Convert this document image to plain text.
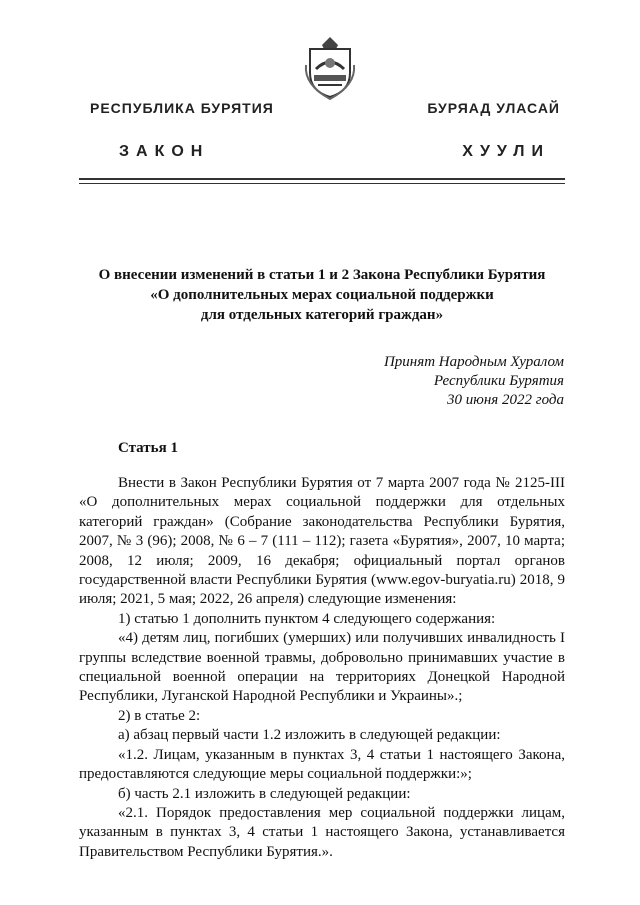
РЕСПУБЛИКА БУРЯТИЯ	БУРЯАД УЛАСАЙ
ЗАКОН	ХУУЛИ
О внесении изменений в статьи 1 и 2 Закона Республики Бурятия
«О дополнительных мерах социальной поддержки
для отдельных категорий граждан»
Принят Народным Хуралом
Республики Бурятия
30 июня 2022 года
Статья 1

Внести в Закон Республики Бурятия от 7 марта 2007 года № 2125-III «О дополнительных мерах социальной поддержки для отдельных категорий граждан» (Собрание законодательства Республики Бурятия, 2007, № 3 (96); 2008, № 6 – 7 (111 – 112); газета «Бурятия», 2007, 10 марта; 2008, 12 июля; 2009, 16 декабря; официальный портал органов государственной власти Республики Бурятия (www.egov-buryatia.ru) 2018, 9 июля; 2021, 5 мая; 2022, 26 апреля) следующие изменения:

1) статью 1 дополнить пунктом 4 следующего содержания:

«4) детям лиц, погибших (умерших) или получивших инвалидность I группы вследствие военной травмы, добровольно принимавших участие в специальной военной операции на территориях Донецкой Народной Республики, Луганской Народной Республики и Украины».;

2) в статье 2:

а) абзац первый части 1.2 изложить в следующей редакции:

«1.2. Лицам, указанным в пунктах 3, 4 статьи 1 настоящего Закона, предоставляются следующие меры социальной поддержки:»;

б) часть 2.1 изложить в следующей редакции:

«2.1. Порядок предоставления мер социальной поддержки лицам, указанным в пунктах 3, 4 статьи 1 настоящего Закона, устанавливается Правительством Республики Бурятия.».
